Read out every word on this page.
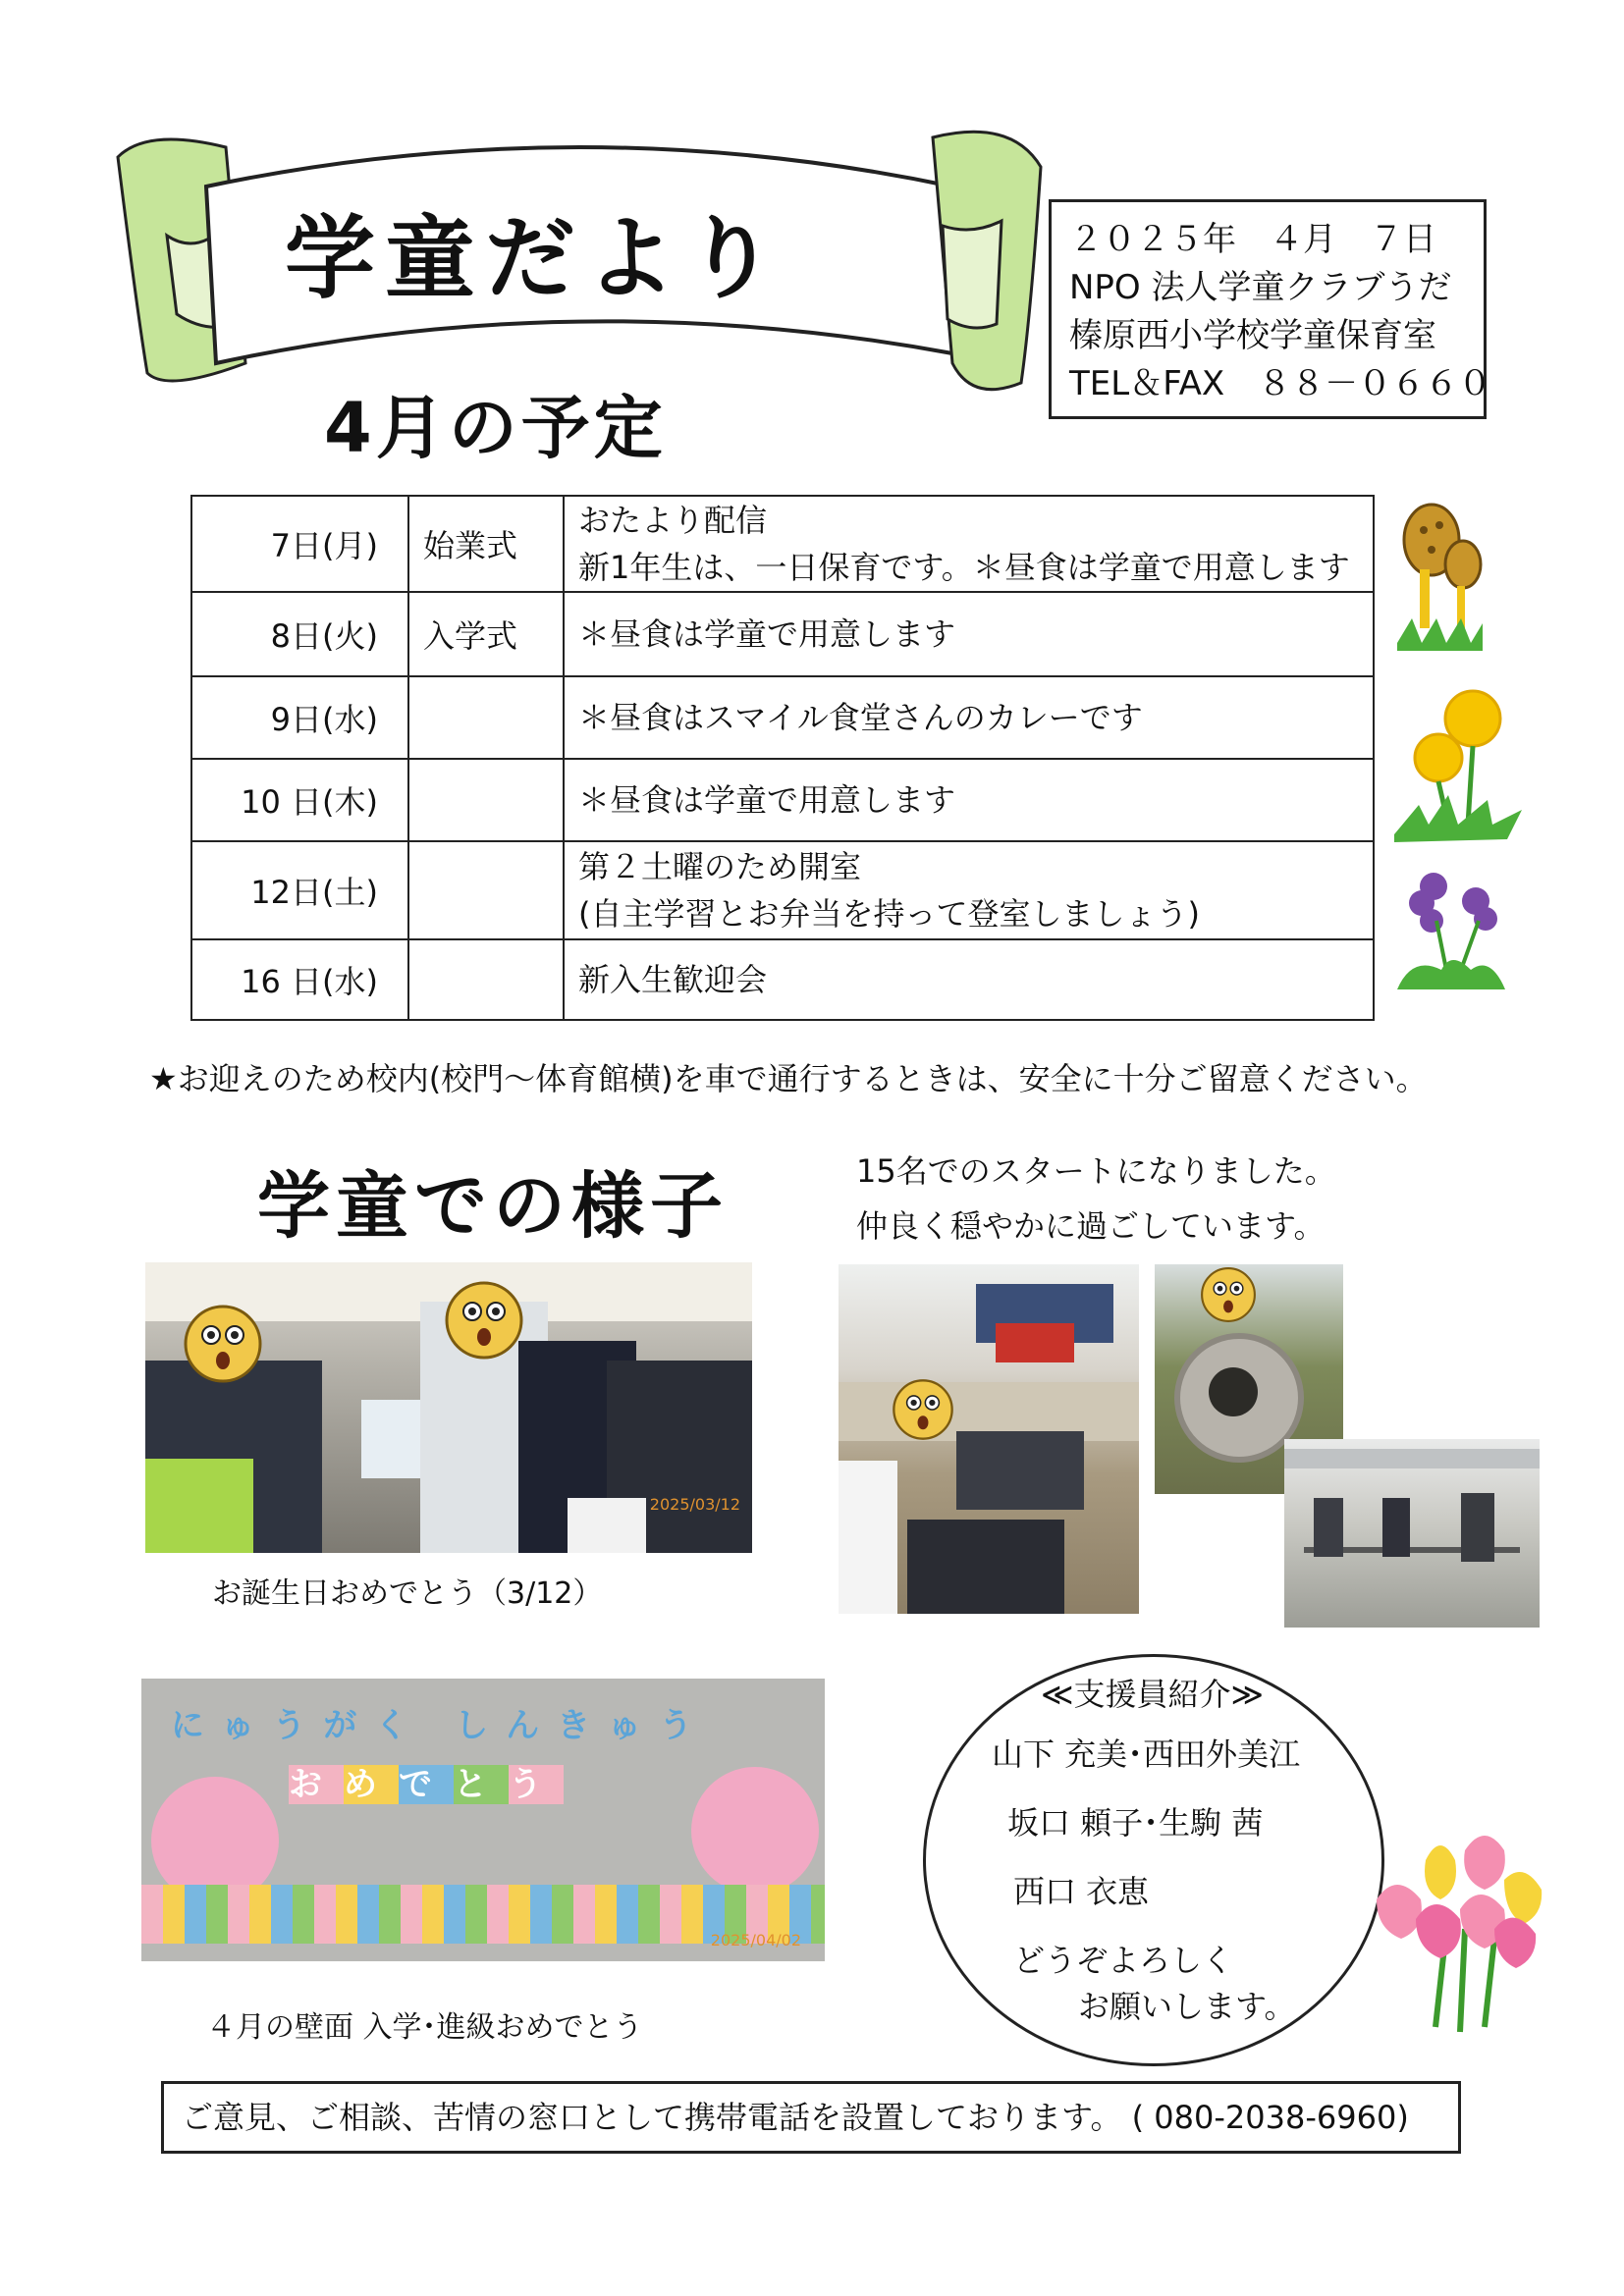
学童だより
4月の予定
２０２５年　４月　７日
NPO 法人学童クラブうだ
榛原西小学校学童保育室
TEL＆FAX　８８－０６６０
7日(月)	始業式	おたより配信
新1年生は、一日保育です。＊昼食は学童で用意します

8日(火)	入学式	＊昼食は学童で用意します

9日(水)		＊昼食はスマイル食堂さんのカレーです

10 日(木)		＊昼食は学童で用意します

12日(土)		第２土曜のため開室
(自主学習とお弁当を持って登室しましょう)

16 日(水)		新入生歓迎会
★お迎えのため校内(校門～体育館横)を車で通行するときは、安全に十分ご留意ください。
学童での様子	15名でのスタートになりました。
仲良く穏やかに過ごしています。
2025/03/12
お誕生日おめでとう（3/12）
にゅうがく しんきゅう
おめでとう
2025/04/02
４月の壁面 入学･進級おめでとう
≪支援員紹介≫
山下 充美･西田外美江
坂口 頼子･生駒 茜
西口 衣恵
どうぞよろしく
お願いします。
ご意見、ご相談、苦情の窓口として携帯電話を設置しております。 ( 080-2038-6960)
